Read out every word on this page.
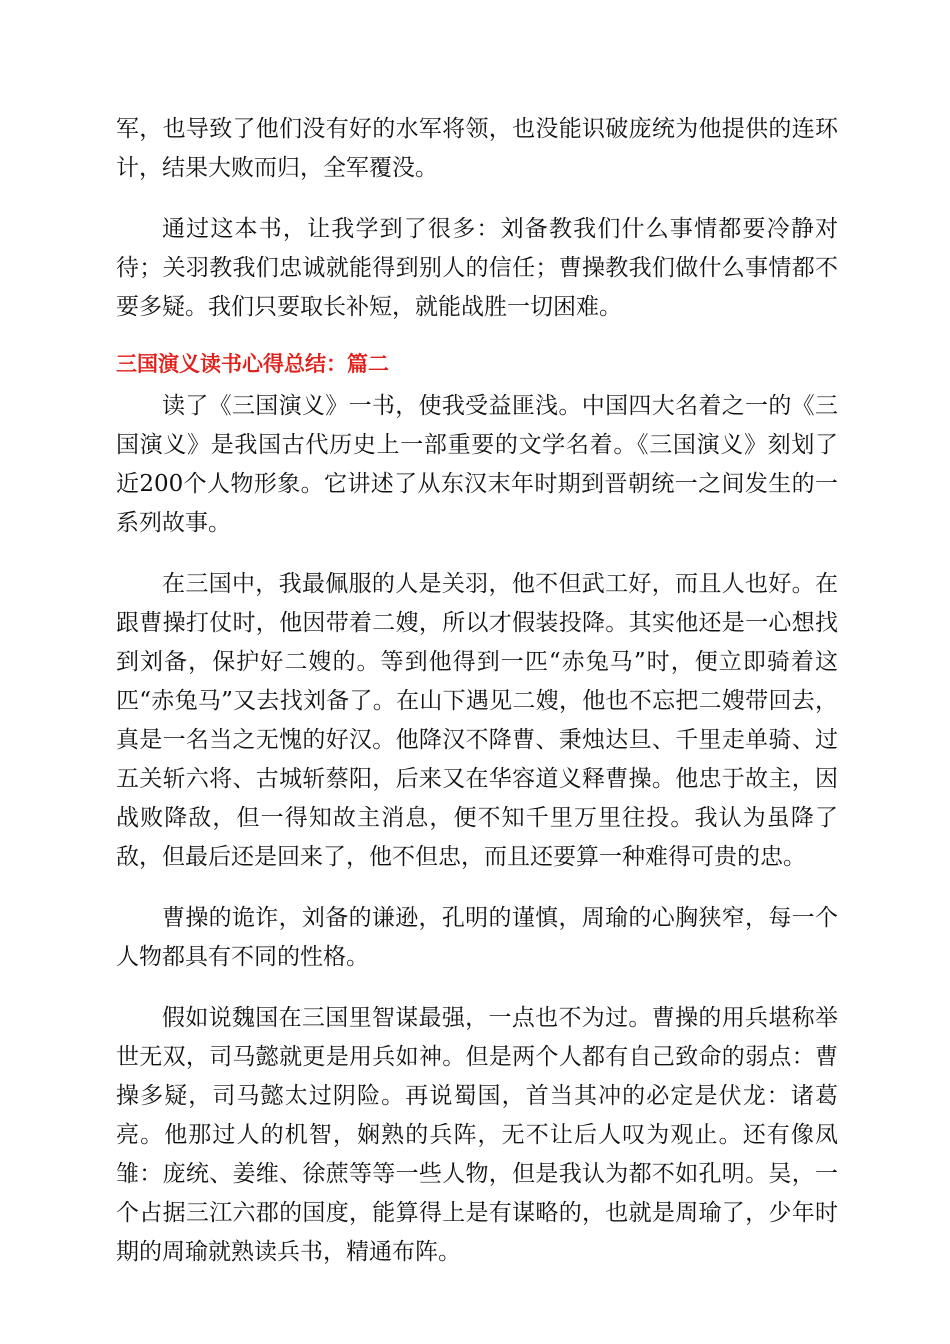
军，也导致了他们没有好的水军将领，也没能识破庞统为他提供的连环计，结果大败而归，全军覆没。

通过这本书，让我学到了很多：刘备教我们什么事情都要冷静对待；关羽教我们忠诚就能得到别人的信任；曹操教我们做什么事情都不要多疑。我们只要取长补短，就能战胜一切困难。

三国演义读书心得总结：篇二

读了《三国演义》一书，使我受益匪浅。中国四大名着之一的《三国演义》是我国古代历史上一部重要的文学名着。《三国演义》刻划了近200个人物形象。它讲述了从东汉末年时期到晋朝统一之间发生的一系列故事。

在三国中，我最佩服的人是关羽，他不但武工好，而且人也好。在跟曹操打仗时，他因带着二嫂，所以才假装投降。其实他还是一心想找到刘备，保护好二嫂的。等到他得到一匹“赤兔马”时，便立即骑着这匹“赤兔马”又去找刘备了。在山下遇见二嫂，他也不忘把二嫂带回去，真是一名当之无愧的好汉。他降汉不降曹、秉烛达旦、千里走单骑、过五关斩六将、古城斩蔡阳，后来又在华容道义释曹操。他忠于故主，因战败降敌，但一得知故主消息，便不知千里万里往投。我认为虽降了敌，但最后还是回来了，他不但忠，而且还要算一种难得可贵的忠。

曹操的诡诈，刘备的谦逊，孔明的谨慎，周瑜的心胸狭窄，每一个人物都具有不同的性格。

假如说魏国在三国里智谋最强，一点也不为过。曹操的用兵堪称举世无双，司马懿就更是用兵如神。但是两个人都有自己致命的弱点：曹操多疑，司马懿太过阴险。再说蜀国，首当其冲的必定是伏龙：诸葛亮。他那过人的机智，娴熟的兵阵，无不让后人叹为观止。还有像凤雏：庞统、姜维、徐蔗等等一些人物，但是我认为都不如孔明。吴，一个占据三江六郡的国度，能算得上是有谋略的，也就是周瑜了，少年时期的周瑜就熟读兵书，精通布阵。
